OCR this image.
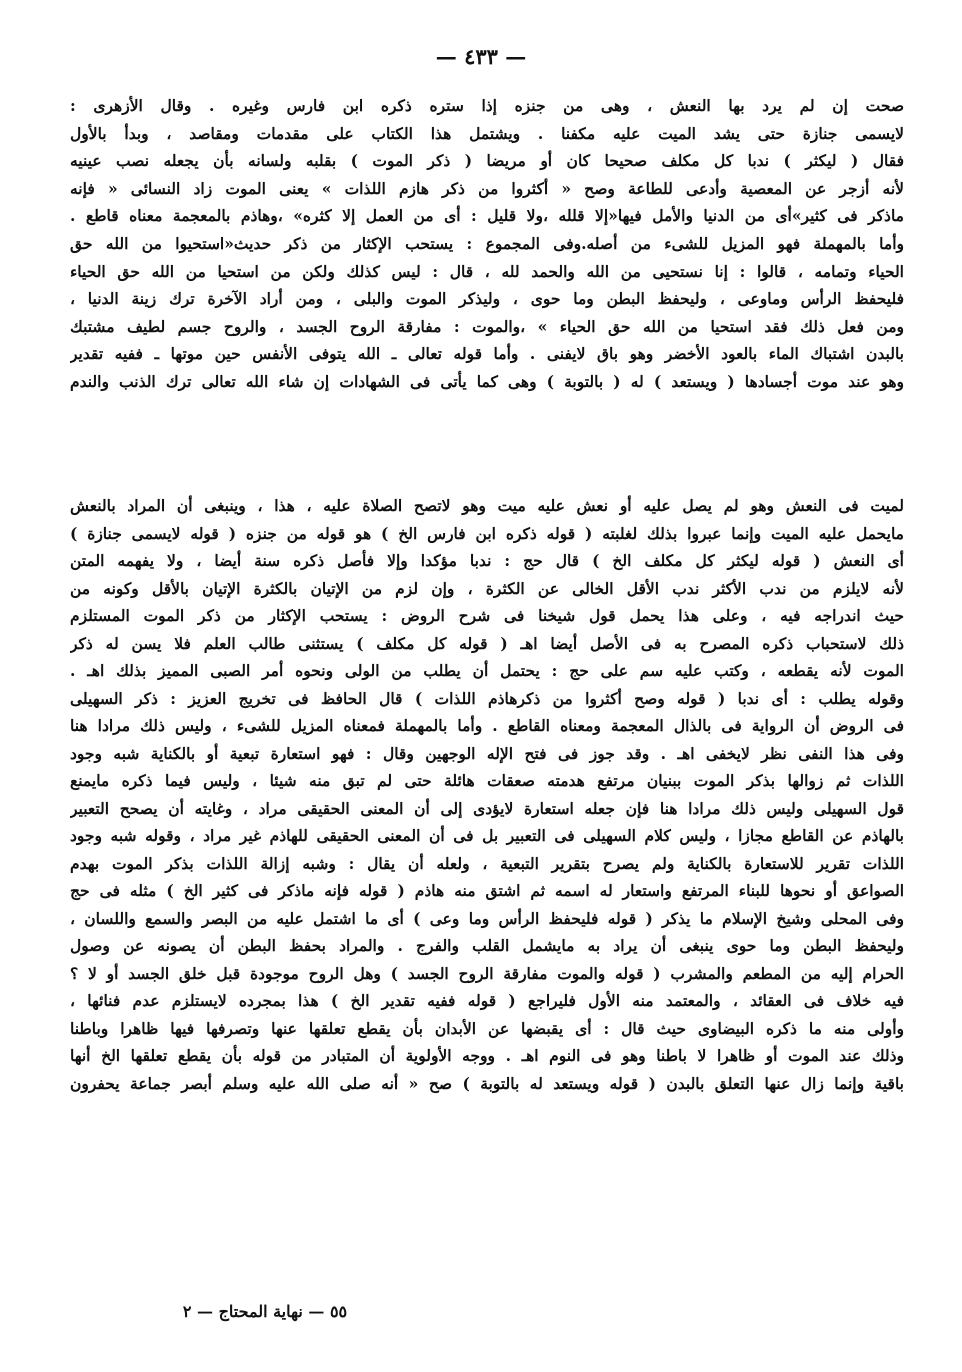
— ٤٣٣ —
صحت إن لم يرد بها النعش ، وهى من جنزه إذا ستره ذكره ابن فارس وغيره . وقال الأزهرى :
لايسمى جنازة حتى يشد الميت عليه مكفنا . ويشتمل هذا الكتاب على مقدمات ومقاصد ، وبدأ بالأول
فقال ( ليكثر ) ندبا كل مكلف صحيحا كان أو مريضا ( ذكر الموت ) بقلبه ولسانه بأن يجعله نصب عينيه
لأنه أزجر عن المعصية وأدعى للطاعة وصح « أكثروا من ذكر هازم اللذات » يعنى الموت زاد النسائى « فإنه
ماذكر فى كثير»أى من الدنيا والأمل فيها«إلا قلله ،ولا قليل : أى من العمل إلا كثره» ،وهاذم بالمعجمة معناه قاطع .
وأما بالمهملة فهو المزيل للشىء من أصله.وفى المجموع : يستحب الإكثار من ذكر حديث«استحيوا من الله حق
الحياء وتمامه ، قالوا : إنا نستحيى من الله والحمد لله ، قال : ليس كذلك ولكن من استحيا من الله حق الحياء
فليحفظ الرأس وماوعى ، وليحفظ البطن وما حوى ، وليذكر الموت والبلى ، ومن أراد الآخرة ترك زينة الدنيا ،
ومن فعل ذلك فقد استحيا من الله حق الحياء » ،والموت : مفارقة الروح الجسد ، والروح جسم لطيف مشتبك
بالبدن اشتباك الماء بالعود الأخضر وهو باق لايفنى . وأما قوله تعالى ـ الله يتوفى الأنفس حين موتها ـ ففيه تقدير
وهو عند موت أجسادها ( ويستعد ) له ( بالتوبة ) وهى كما يأتى فى الشهادات إن شاء الله تعالى ترك الذنب والندم
لميت فى النعش وهو لم يصل عليه أو نعش عليه ميت وهو لاتصح الصلاة عليه ، هذا ، وينبغى أن المراد بالنعش
مايحمل عليه الميت وإنما عبروا بذلك لغلبته ( قوله ذكره ابن فارس الخ ) هو قوله من جنزه ( قوله لايسمى جنازة )
أى النعش ( قوله ليكثر كل مكلف الخ ) قال حج : ندبا مؤكدا وإلا فأصل ذكره سنة أيضا ، ولا يفهمه المتن
لأنه لايلزم من ندب الأكثر ندب الأقل الخالى عن الكثرة ، وإن لزم من الإتيان بالكثرة الإتيان بالأقل وكونه من
حيث اندراجه فيه ، وعلى هذا يحمل قول شيخنا فى شرح الروض : يستحب الإكثار من ذكر الموت المستلزم
ذلك لاستحباب ذكره المصرح به فى الأصل أيضا اهـ ( قوله كل مكلف ) يستثنى طالب العلم فلا يسن له ذكر
الموت لأنه يقطعه ، وكتب عليه سم على حج : يحتمل أن يطلب من الولى ونحوه أمر الصبى المميز بذلك اهـ .
وقوله يطلب : أى ندبا ( قوله وصح أكثروا من ذكرهاذم اللذات ) قال الحافظ فى تخريج العزيز : ذكر السهيلى
فى الروض أن الرواية فى بالذال المعجمة ومعناه القاطع . وأما بالمهملة فمعناه المزيل للشىء ، وليس ذلك مرادا هنا
وفى هذا النفى نظر لايخفى اهـ . وقد جوز فى فتح الإله الوجهين وقال : فهو استعارة تبعية أو بالكناية شبه وجود
اللذات ثم زوالها بذكر الموت ببنيان مرتفع هدمته صعقات هائلة حتى لم تبق منه شيئا ، وليس فيما ذكره مايمنع
قول السهيلى وليس ذلك مرادا هنا فإن جعله استعارة لايؤدى إلى أن المعنى الحقيقى مراد ، وغايته أن يصحح التعبير
بالهاذم عن القاطع مجازا ، وليس كلام السهيلى فى التعبير بل فى أن المعنى الحقيقى للهاذم غير مراد ، وقوله شبه وجود
اللذات تقرير للاستعارة بالكناية ولم يصرح بتقرير التبعية ، ولعله أن يقال : وشبه إزالة اللذات بذكر الموت بهدم
الصواعق أو نحوها للبناء المرتفع واستعار له اسمه ثم اشتق منه هاذم ( قوله فإنه ماذكر فى كثير الخ ) مثله فى حج
وفى المحلى وشيخ الإسلام ما يذكر ( قوله فليحفظ الرأس وما وعى ) أى ما اشتمل عليه من البصر والسمع واللسان ،
وليحفظ البطن وما حوى ينبغى أن يراد به مايشمل القلب والفرج . والمراد بحفظ البطن أن يصونه عن وصول
الحرام إليه من المطعم والمشرب ( قوله والموت مفارقة الروح الجسد ) وهل الروح موجودة قبل خلق الجسد أو لا ؟
فيه خلاف فى العقائد ، والمعتمد منه الأول فليراجع ( قوله ففيه تقدير الخ ) هذا بمجرده لايستلزم عدم فنائها ،
وأولى منه ما ذكره البيضاوى حيث قال : أى يقبضها عن الأبدان بأن يقطع تعلقها عنها وتصرفها فيها ظاهرا وباطنا
وذلك عند الموت أو ظاهرا لا باطنا وهو فى النوم اهـ . ووجه الأولوية أن المتبادر من قوله بأن يقطع تعلقها الخ أنها
باقية وإنما زال عنها التعلق بالبدن ( قوله ويستعد له بالتوبة ) صح « أنه صلى الله عليه وسلم أبصر جماعة يحفرون
٥٥ — نهاية المحتاج — ٢
